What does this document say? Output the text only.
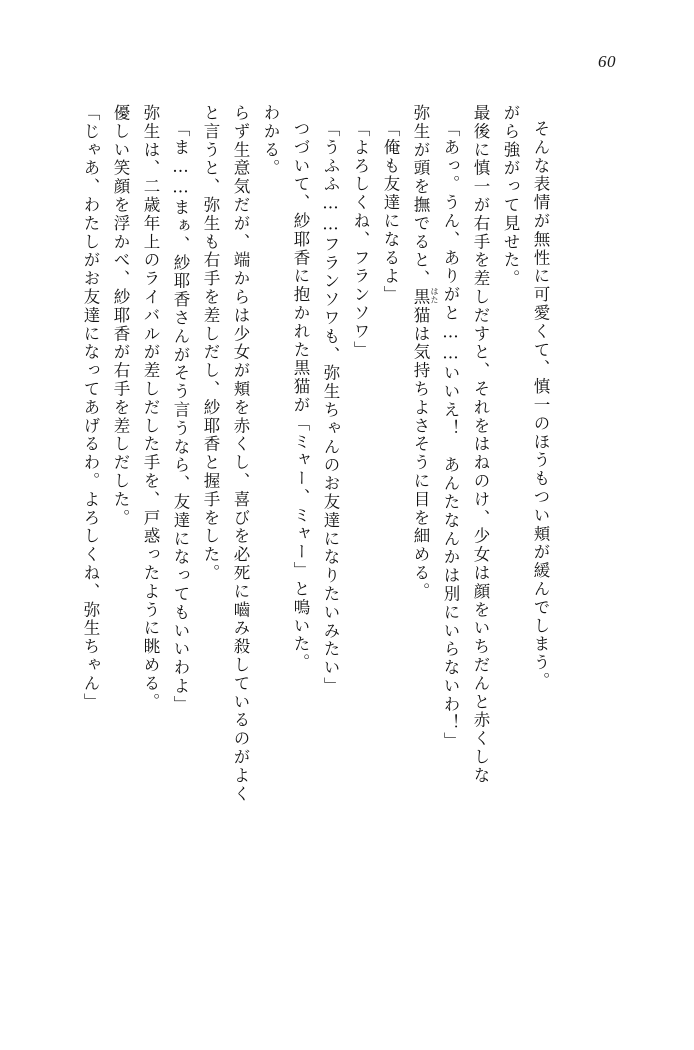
60
「じゃあ、わたしがお友達になってあげるわ。よろしくね、弥生ちゃん」 優しい笑顔を浮かべ、紗耶香が右手を差しだした。 弥生は、二歳年上のライバルが差しだした手を、戸惑ったように眺める。 「ま……まぁ、紗耶香さんがそう言うなら、友達になってもいいわよ」 と言うと、弥生も右手を差しだし、紗耶香と握手をした。 らず生意気だが、端からは少女が頬を赤くし、喜びを必死に嚙み殺しているのがよく わかる。 つづいて、紗耶香に抱かれた黒猫が「ミャー、ミャー」と鳴いた。 「うふふ……フランソワも、弥生ちゃんのお友達になりたいみたい」 「よろしくね、フランソワ」 「俺も友達になるよ」 弥生が頭を撫でると、黒猫は気持ちよさそうに目を細める。 「あっ。うん、ありがと……いいえ！　あんたなんかは別にいらないわ！」 最後に慎一が右手を差しだすと、それをはねのけ、少女は顔をいちだんと赤くしな がら強がって見せた。 そんな表情が無性に可愛くて、慎一のほうもつい頬が緩んでしまう。
はた
